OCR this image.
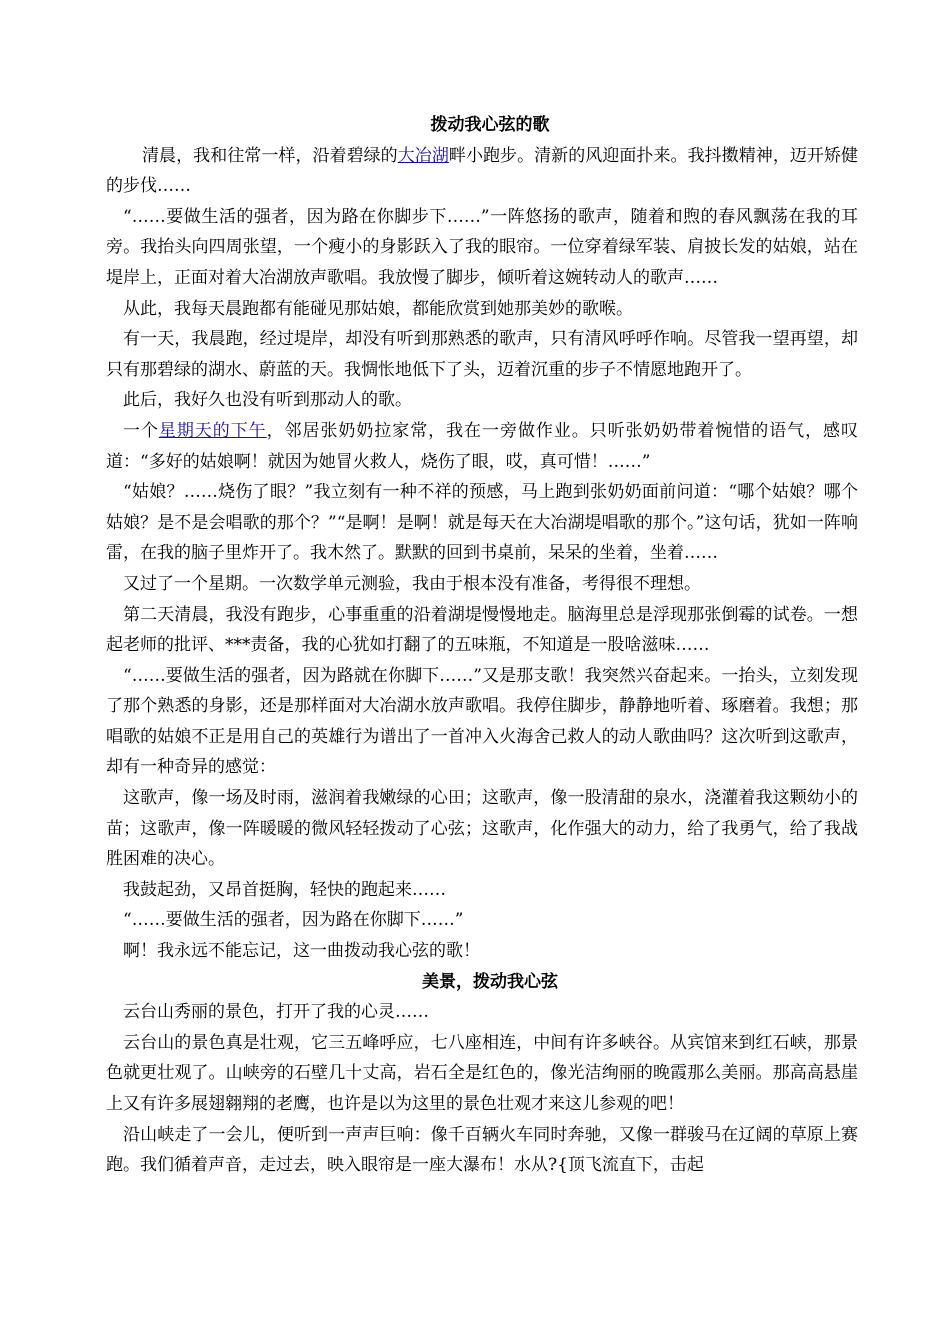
拨动我心弦的歌

清晨，我和往常一样，沿着碧绿的大冶湖畔小跑步。清新的风迎面扑来。我抖擞精神，迈开矫健的步伐……

“……要做生活的强者，因为路在你脚步下……”一阵悠扬的歌声，随着和煦的春风飘荡在我的耳旁。我抬头向四周张望，一个瘦小的身影跃入了我的眼帘。一位穿着绿军装、肩披长发的姑娘，站在堤岸上，正面对着大冶湖放声歌唱。我放慢了脚步，倾听着这婉转动人的歌声……

从此，我每天晨跑都有能碰见那姑娘，都能欣赏到她那美妙的歌喉。

有一天，我晨跑，经过堤岸，却没有听到那熟悉的歌声，只有清风呼呼作响。尽管我一望再望，却只有那碧绿的湖水、蔚蓝的天。我惆怅地低下了头，迈着沉重的步子不情愿地跑开了。

此后，我好久也没有听到那动人的歌。

一个星期天的下午，邻居张奶奶拉家常，我在一旁做作业。只听张奶奶带着惋惜的语气，感叹道：“多好的姑娘啊！就因为她冒火救人，烧伤了眼，哎，真可惜！……”

“姑娘？……烧伤了眼？”我立刻有一种不祥的预感，马上跑到张奶奶面前问道：“哪个姑娘？哪个姑娘？是不是会唱歌的那个？”“是啊！是啊！就是每天在大冶湖堤唱歌的那个。”这句话，犹如一阵响雷，在我的脑子里炸开了。我木然了。默默的回到书桌前，呆呆的坐着，坐着……

又过了一个星期。一次数学单元测验，我由于根本没有准备，考得很不理想。

第二天清晨，我没有跑步，心事重重的沿着湖堤慢慢地走。脑海里总是浮现那张倒霉的试卷。一想起老师的批评、***责备，我的心犹如打翻了的五味瓶，不知道是一股啥滋味……

“……要做生活的强者，因为路就在你脚下……”又是那支歌！我突然兴奋起来。一抬头，立刻发现了那个熟悉的身影，还是那样面对大冶湖水放声歌唱。我停住脚步，静静地听着、琢磨着。我想；那唱歌的姑娘不正是用自己的英雄行为谱出了一首冲入火海舍己救人的动人歌曲吗？这次听到这歌声，却有一种奇异的感觉：

这歌声，像一场及时雨，滋润着我嫩绿的心田；这歌声，像一股清甜的泉水，浇灌着我这颗幼小的苗；这歌声，像一阵暖暖的微风轻轻拨动了心弦；这歌声，化作强大的动力，给了我勇气，给了我战胜困难的决心。

我鼓起劲，又昂首挺胸，轻快的跑起来……

“……要做生活的强者，因为路在你脚下……”

啊！我永远不能忘记，这一曲拨动我心弦的歌！

美景，拨动我心弦

云台山秀丽的景色，打开了我的心灵……

云台山的景色真是壮观，它三五峰呼应，七八座相连，中间有许多峡谷。从宾馆来到红石峡，那景色就更壮观了。山峡旁的石壁几十丈高，岩石全是红色的，像光洁绚丽的晚霞那么美丽。那高高悬崖上又有许多展翅翱翔的老鹰，也许是以为这里的景色壮观才来这儿参观的吧！

沿山峡走了一会儿，便听到一声声巨响：像千百辆火车同时奔驰，又像一群骏马在辽阔的草原上赛跑。我们循着声音，走过去，映入眼帘是一座大瀑布！水从?{顶飞流直下，击起
